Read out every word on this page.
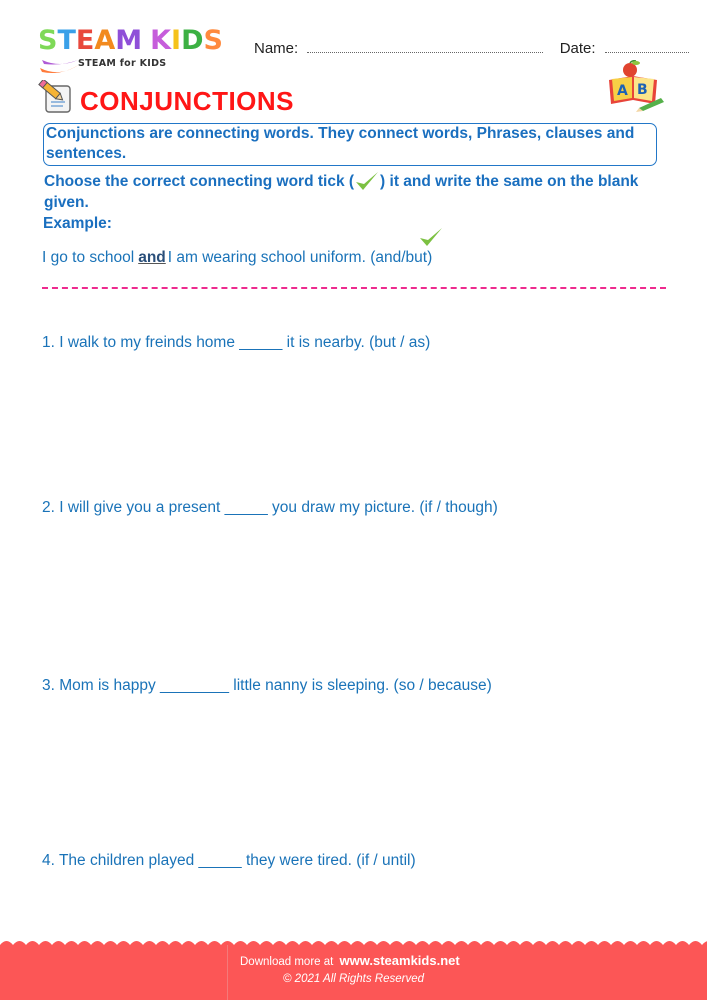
STEAM KIDS
STEAM for KIDS
Name:	Date:
CONJUNCTIONS	A B
Conjunctions are connecting words. They connect words, Phrases, clauses and sentences.
Choose the correct connecting word tick ( ) it and write the same on the blank given.
Example:
I go to school and I am wearing school uniform. (and/but)
1. I walk to my freinds home _____ it is nearby. (but / as)
2. I will give you a present _____ you draw my picture. (if / though)
3. Mom is happy ________ little nanny is sleeping. (so / because)
4. The children played _____ they were tired. (if / until)
Download more at www.steamkids.net
© 2021 All Rights Reserved
